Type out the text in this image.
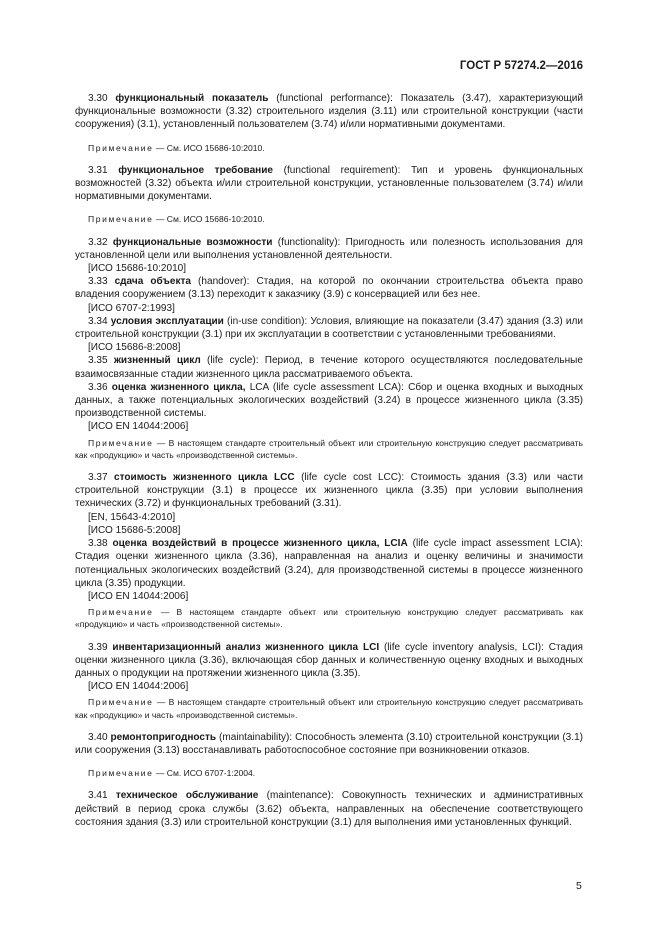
ГОСТ Р 57274.2—2016

3.30 функциональный показатель (functional performance): Показатель (3.47), характеризующий функциональные возможности (3.32) строительного изделия (3.11) или строительной конструкции (части сооружения) (3.1), установленный пользователем (3.74) и/или нормативными документами.

Примечание — См. ИСО 15686-10:2010.

3.31 функциональное требование (functional requirement): Тип и уровень функциональных возможностей (3.32) объекта и/или строительной конструкции, установленные пользователем (3.74) и/или нормативными документами.

Примечание — См. ИСО 15686-10:2010.

3.32 функциональные возможности (functionality): Пригодность или полезность использования для установленной цели или выполнения установленной деятельности.

[ИСО 15686-10:2010]

3.33 сдача объекта (handover): Стадия, на которой по окончании строительства объекта право владения сооружением (3.13) переходит к заказчику (3.9) с консервацией или без нее.

[ИСО 6707-2:1993]

3.34 условия эксплуатации (in-use condition): Условия, влияющие на показатели (3.47) здания (3.3) или строительной конструкции (3.1) при их эксплуатации в соответствии с установленными требованиями.

[ИСО 15686-8:2008]

3.35 жизненный цикл (life cycle): Период, в течение которого осуществляются последовательные взаимосвязанные стадии жизненного цикла рассматриваемого объекта.

3.36 оценка жизненного цикла, LCA (life cycle assessment LCA): Сбор и оценка входных и выходных данных, а также потенциальных экологических воздействий (3.24) в процессе жизненного цикла (3.35) производственной системы.

[ИСО EN 14044:2006]

Примечание — В настоящем стандарте строительный объект или строительную конструкцию следует рассматривать как «продукцию» и часть «производственной системы».

3.37 стоимость жизненного цикла LCC (life cycle cost LCC): Стоимость здания (3.3) или части строительной конструкции (3.1) в процессе их жизненного цикла (3.35) при условии выполнения технических (3.72) и функциональных требований (3.31).

[EN, 15643-4:2010]

[ИСО 15686-5:2008]

3.38 оценка воздействий в процессе жизненного цикла, LCIA (life cycle impact assessment LCIA): Стадия оценки жизненного цикла (3.36), направленная на анализ и оценку величины и значимости потенциальных экологических воздействий (3.24), для производственной системы в процессе жизненного цикла (3.35) продукции.

[ИСО EN 14044:2006]

Примечание — В настоящем стандарте объект или строительную конструкцию следует рассматривать как «продукцию» и часть «производственной системы».

3.39 инвентаризационный анализ жизненного цикла LCI (life cycle inventory analysis, LCI): Стадия оценки жизненного цикла (3.36), включающая сбор данных и количественную оценку входных и выходных данных о продукции на протяжении жизненного цикла (3.35).

[ИСО EN 14044:2006]

Примечание — В настоящем стандарте строительный объект или строительную конструкцию следует рассматривать как «продукцию» и часть «производственной системы».

3.40 ремонтопригодность (maintainability): Способность элемента (3.10) строительной конструкции (3.1) или сооружения (3.13) восстанавливать работоспособное состояние при возникновении отказов.

Примечание — См. ИСО 6707-1:2004.

3.41 техническое обслуживание (maintenance): Совокупность технических и административных действий в период срока службы (3.62) объекта, направленных на обеспечение соответствующего состояния здания (3.3) или строительной конструкции (3.1) для выполнения ими установленных функций.

5
